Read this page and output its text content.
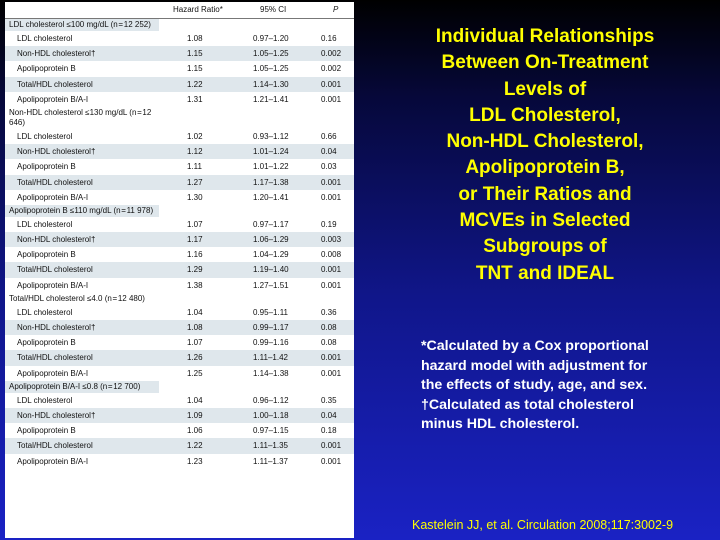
Hazard Ratio*	95% CI	P
LDL cholesterol ≤100 mg/dL (n = 12 252)
LDL cholesterol	1.08	0.97–1.20	0.16
Non-HDL cholesterol†	1.15	1.05–1.25	0.002
Apolipoprotein B	1.15	1.05–1.25	0.002
Total/HDL cholesterol	1.22	1.14–1.30	0.001
Apolipoprotein B/A-I	1.31	1.21–1.41	0.001
Non-HDL cholesterol ≤130 mg/dL (n = 12 646)
LDL cholesterol	1.02	0.93–1.12	0.66
Non-HDL cholesterol†	1.12	1.01–1.24	0.04
Apolipoprotein B	1.11	1.01–1.22	0.03
Total/HDL cholesterol	1.27	1.17–1.38	0.001
Apolipoprotein B/A-I	1.30	1.20–1.41	0.001
Apolipoprotein B ≤110 mg/dL (n = 11 978)
LDL cholesterol	1.07	0.97–1.17	0.19
Non-HDL cholesterol†	1.17	1.06–1.29	0.003
Apolipoprotein B	1.16	1.04–1.29	0.008
Total/HDL cholesterol	1.29	1.19–1.40	0.001
Apolipoprotein B/A-I	1.38	1.27–1.51	0.001
Total/HDL cholesterol ≤4.0 (n = 12 480)
LDL cholesterol	1.04	0.95–1.11	0.36
Non-HDL cholesterol†	1.08	0.99–1.17	0.08
Apolipoprotein B	1.07	0.99–1.16	0.08
Total/HDL cholesterol	1.26	1.11–1.42	0.001
Apolipoprotein B/A-I	1.25	1.14–1.38	0.001
Apolipoprotein B/A-I ≤0.8 (n = 12 700)
LDL cholesterol	1.04	0.96–1.12	0.35
Non-HDL cholesterol†	1.09	1.00–1.18	0.04
Apolipoprotein B	1.06	0.97–1.15	0.18
Total/HDL cholesterol	1.22	1.11–1.35	0.001
Apolipoprotein B/A-I	1.23	1.11–1.37	0.001
Individual Relationships
Between On-Treatment
Levels of
LDL Cholesterol,
Non-HDL Cholesterol,
Apolipoprotein B,
or Their Ratios and
MCVEs in Selected
Subgroups of
TNT and IDEAL
*Calculated by a Cox proportional
hazard model with adjustment for
the effects of study, age, and sex.
†Calculated as total cholesterol
minus HDL cholesterol.
Kastelein JJ, et al. Circulation 2008;117:3002-9
